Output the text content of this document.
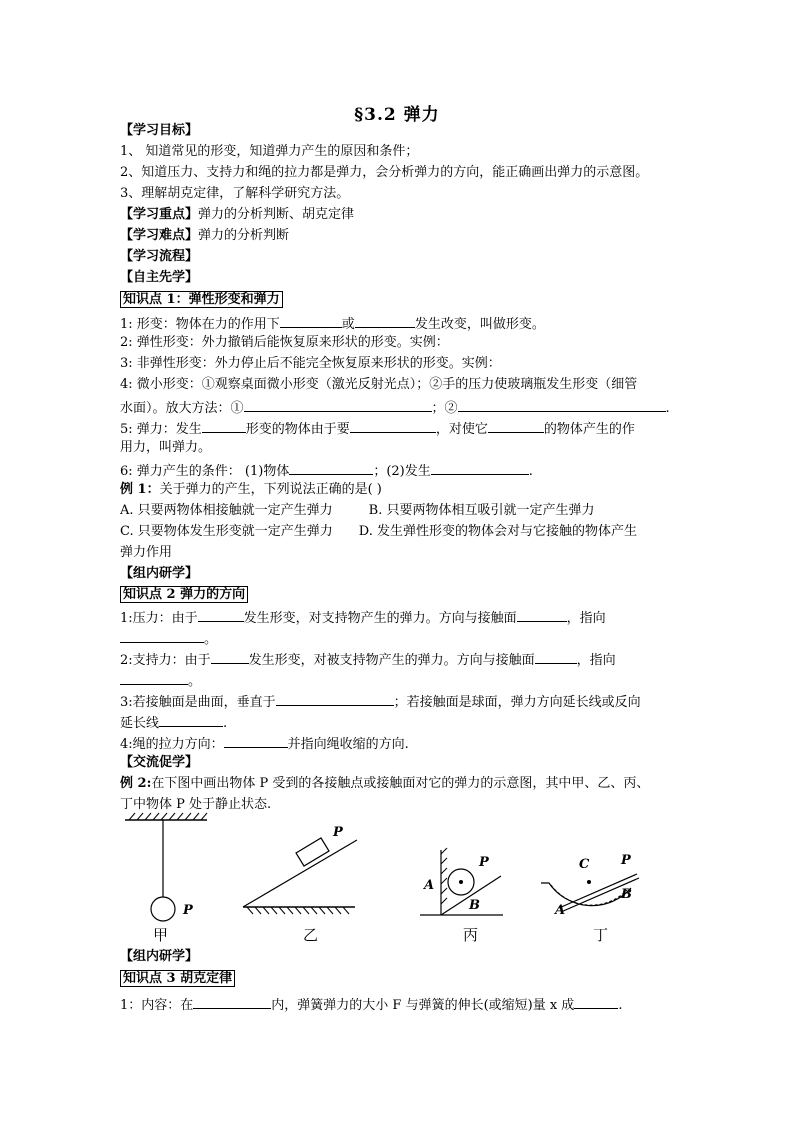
§3.2 弹力
【学习目标】
1、 知道常见的形变，知道弹力产生的原因和条件；
2、知道压力、支持力和绳的拉力都是弹力，会分析弹力的方向，能正确画出弹力的示意图。
3、理解胡克定律，了解科学研究方法。
【学习重点】弹力的分析判断、胡克定律
【学习难点】弹力的分析判断
【学习流程】
【自主先学】
知识点 1：弹性形变和弹力
1: 形变：物体在力的作用下	或	发生改变，叫做形变。
2: 弹性形变：外力撤销后能恢复原来形状的形变。实例：
3: 非弹性形变：外力停止后不能完全恢复原来形状的形变。实例：
4: 微小形变：①观察桌面微小形变（激光反射光点）；②手的压力使玻璃瓶发生形变（细管
水面）。放大方法：①	；②	.
5: 弹力：发生	形变的物体由于要	，对使它	的物体产生的作
用力，叫弹力。
6: 弹力产生的条件： (1)物体	；(2)发生	.
例 1：关于弹力的产生，下列说法正确的是( )
A. 只要两物体相接触就一定产生弹力	B. 只要两物体相互吸引就一定产生弹力
C. 只要物体发生形变就一定产生弹力 D. 发生弹性形变的物体会对与它接触的物体产生
弹力作用
【组内研学】
知识点 2 弹力的方向
1:压力：由于	发生形变，对支持物产生的弹力。方向与接触面	，指向
。
2:支持力：由于	发生形变，对被支持物产生的弹力。方向与接触面	，指向
。
3:若接触面是曲面，垂直于	；若接触面是球面，弹力方向延长线或反向
延长线	.
4:绳的拉力方向：	并指向绳收缩的方向.
【交流促学】
例 2:在下图中画出物体 P 受到的各接触点或接触面对它的弹力的示意图，其中甲、乙、丙、
丁中物体 P 处于静止状态.
P
甲
P
乙
P
A
B
丙
C P
B
A
丁
【组内研学】
知识点 3 胡克定律
1：内容：在	内，弹簧弹力的大小 F 与弹簧的伸长(或缩短)量 x 成	.
